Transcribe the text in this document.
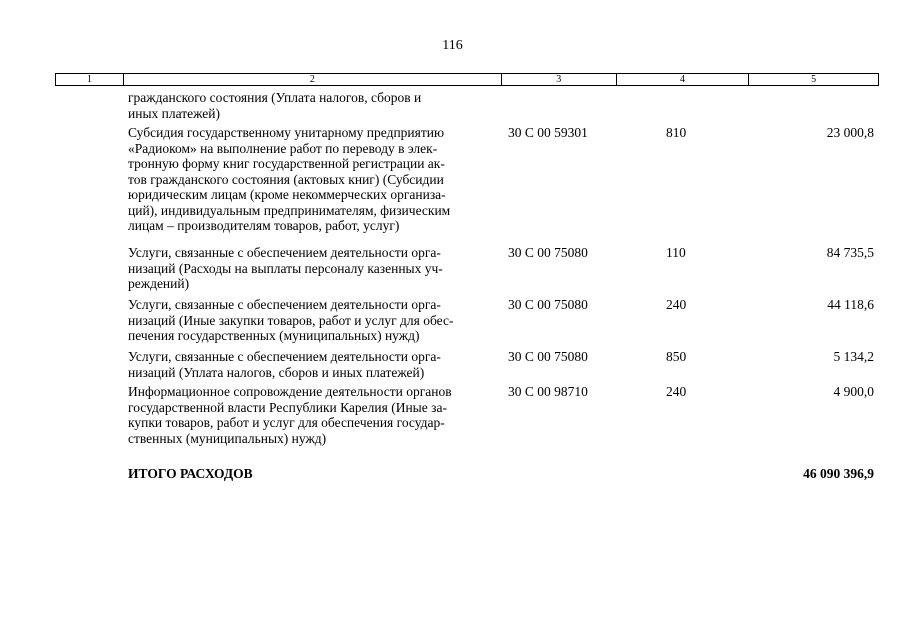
116
1	2	3	4	5
гражданского состояния (Уплата налогов, сборов и
иных платежей)
Субсидия государственному унитарному предприятию
«Радиоком» на выполнение работ по переводу в элек-
тронную форму книг государственной регистрации ак-
тов гражданского состояния (актовых книг) (Субсидии
юридическим лицам (кроме некоммерческих организа-
ций), индивидуальным предпринимателям, физическим
лицам – производителям товаров, работ, услуг)
30 С 00 59301	810	23 000,8
Услуги, связанные с обеспечением деятельности орга-
низаций (Расходы на выплаты персоналу казенных уч-
реждений)
30 С 00 75080	110	84 735,5
Услуги, связанные с обеспечением деятельности орга-
низаций (Иные закупки товаров, работ и услуг для обес-
печения государственных (муниципальных) нужд)
30 С 00 75080	240	44 118,6
Услуги, связанные с обеспечением деятельности орга-
низаций (Уплата налогов, сборов и иных платежей)
30 С 00 75080	850	5 134,2
Информационное сопровождение деятельности органов
государственной власти Республики Карелия (Иные за-
купки товаров, работ и услуг для обеспечения государ-
ственных (муниципальных) нужд)
30 С 00 98710	240	4 900,0
ИТОГО РАСХОДОВ	46 090 396,9
